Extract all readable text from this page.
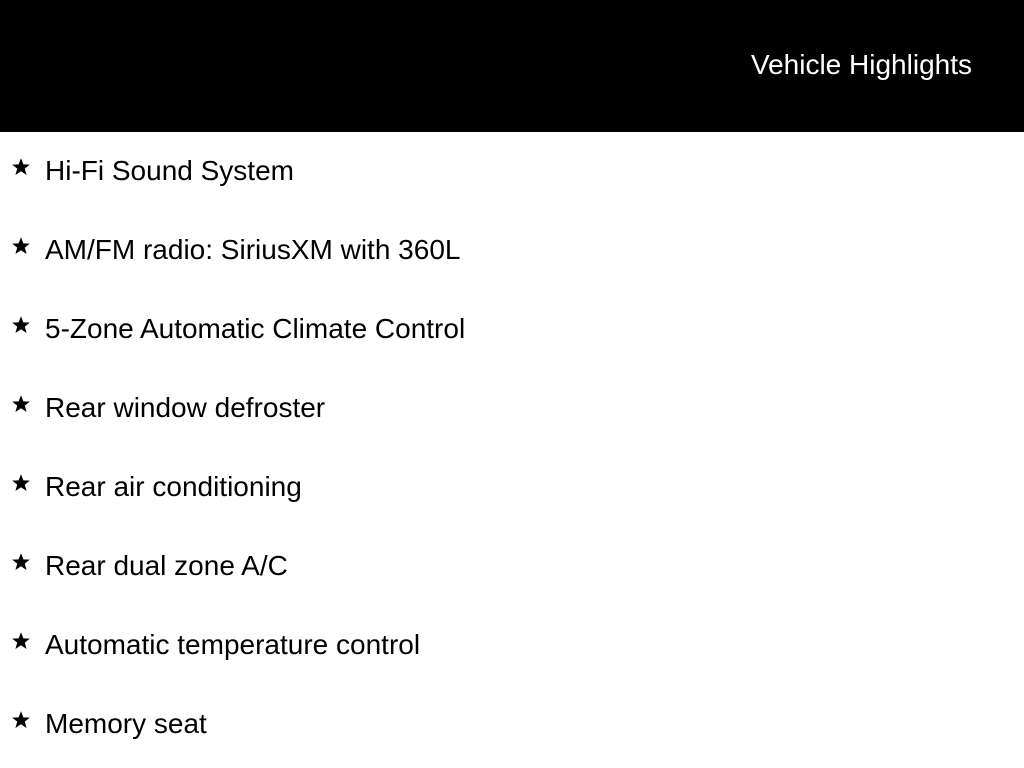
Vehicle Highlights
Hi-Fi Sound System
AM/FM radio: SiriusXM with 360L
5-Zone Automatic Climate Control
Rear window defroster
Rear air conditioning
Rear dual zone A/C
Automatic temperature control
Memory seat
